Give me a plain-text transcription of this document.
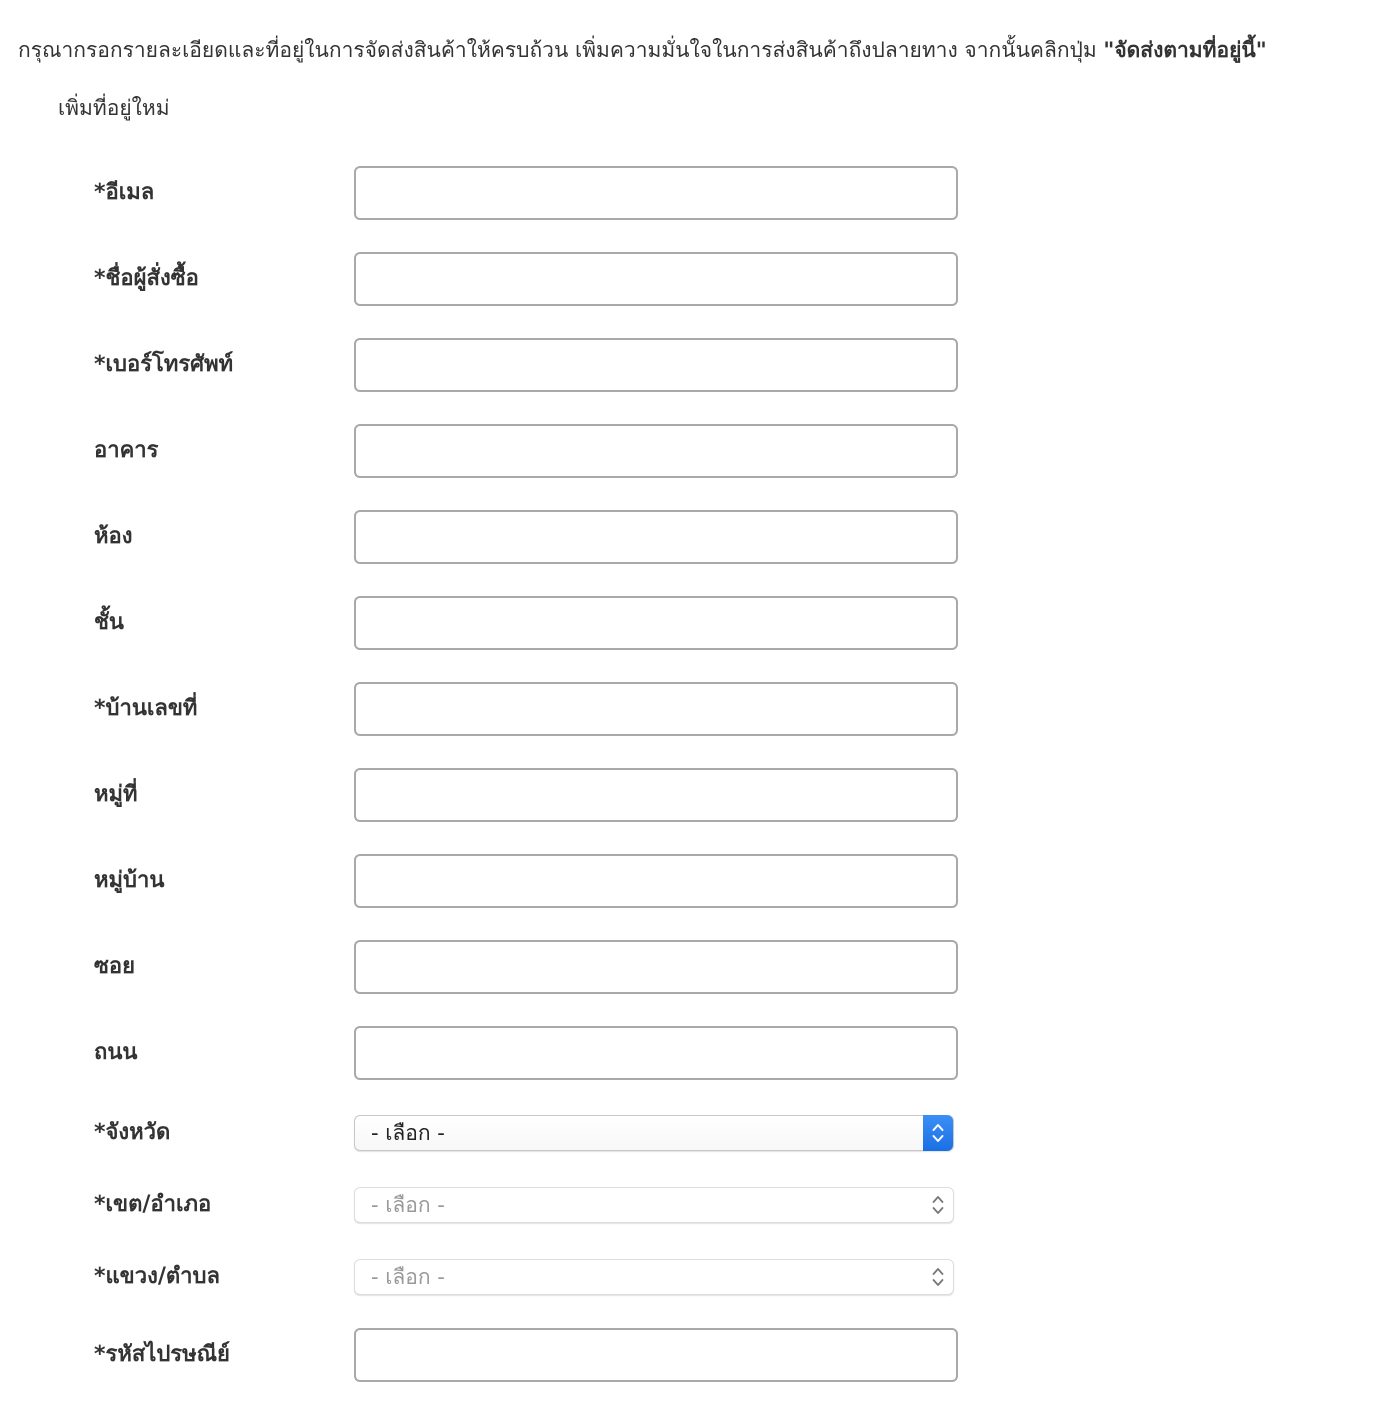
กรุณากรอกรายละเอียดและที่อยู่ในการจัดส่งสินค้าให้ครบถ้วน เพิ่มความมั่นใจในการส่งสินค้าถึงปลายทาง จากนั้นคลิกปุ่ม "จัดส่งตามที่อยู่นี้"
เพิ่มที่อยู่ใหม่
*อีเมล
*ชื่อผู้สั่งซื้อ
*เบอร์โทรศัพท์
อาคาร
ห้อง
ชั้น
*บ้านเลขที่
หมู่ที่
หมู่บ้าน
ซอย
ถนน
*จังหวัด	- เลือก -
*เขต/อำเภอ	- เลือก -
*แขวง/ตำบล	- เลือก -
*รหัสไปรษณีย์
